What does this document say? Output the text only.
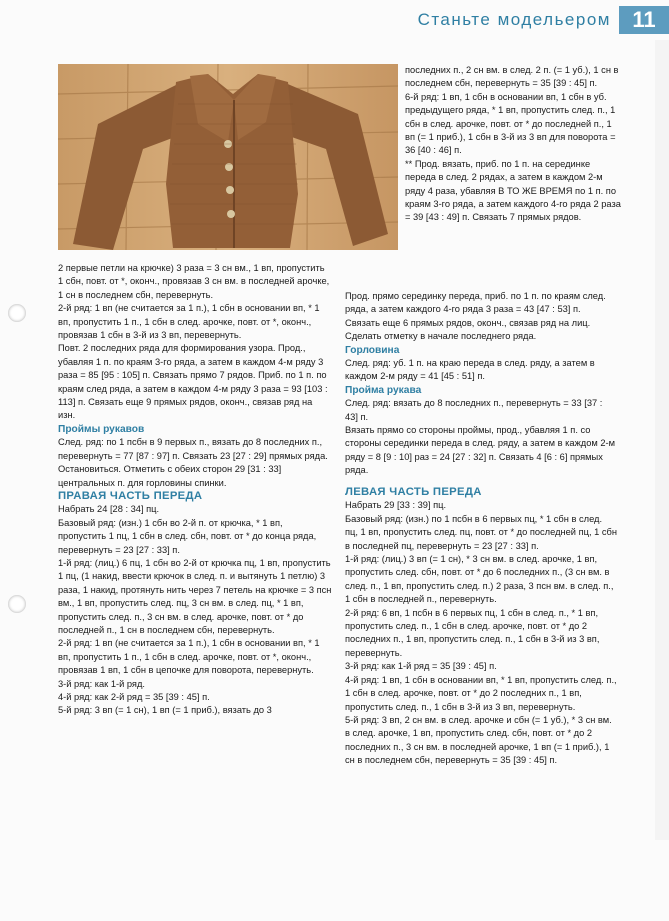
Станьте модельером 11

2 первые петли на крючке) 3 раза = 3 сн вм., 1 вп, пропустить 1 сбн, повт. от *, оконч., провязав 3 сн вм. в последней арочке, 1 сн в последнем сбн, перевернуть.

2-й ряд: 1 вп (не считается за 1 п.), 1 сбн в основании вп, * 1 вп, пропустить 1 п., 1 сбн в след. арочке, повт. от *, оконч., провязав 1 сбн в 3-й из 3 вп, перевернуть.

Повт. 2 последних ряда для формирования узора. Прод., убавляя 1 п. по краям 3-го ряда, а затем в каждом 4-м ряду 3 раза = 85 [95 : 105] п. Связать прямо 7 рядов. Приб. по 1 п. по краям след ряда, а затем в каждом 4-м ряду 3 раза = 93 [103 : 113] п. Связать еще 9 прямых рядов, оконч., связав ряд на изн.

Проймы рукавов

След. ряд: по 1 псбн в 9 первых п., вязать до 8 последних п., перевернуть = 77 [87 : 97] п. Связать 23 [27 : 29] прямых ряда. Остановиться. Отметить с обеих сторон 29 [31 : 33] центральных п. для горловины спинки.

ПРАВАЯ ЧАСТЬ ПЕРЕДА

Набрать 24 [28 : 34] пц.

Базовый ряд: (изн.) 1 сбн во 2-й п. от крючка, * 1 вп, пропустить 1 пц, 1 сбн в след. сбн, повт. от * до конца ряда, перевернуть = 23 [27 : 33] п.

1-й ряд: (лиц.) 6 пц, 1 сбн во 2-й от крючка пц, 1 вп, пропустить 1 пц, (1 накид, ввести крючок в след. п. и вытянуть 1 петлю) 3 раза, 1 накид, протянуть нить через 7 петель на крючке = 3 псн вм., 1 вп, пропустить след. пц, 3 сн вм. в след. пц, * 1 вп, пропустить след. п., 3 сн вм. в след. арочке, повт. от * до последней п., 1 сн в последнем сбн, перевернуть.

2-й ряд: 1 вп (не считается за 1 п.), 1 сбн в основании вп, * 1 вп, пропустить 1 п., 1 сбн в след. арочке, повт. от *, оконч., провязав 1 вп, 1 сбн в цепочке для поворота, перевернуть.

3-й ряд: как 1-й ряд.

4-й ряд: как 2-й ряд = 35 [39 : 45] п.

5-й ряд: 3 вп (= 1 сн), 1 вп (= 1 приб.), вязать до 3

последних п., 2 сн вм. в след. 2 п. (= 1 уб.), 1 сн в последнем сбн, перевернуть = 35 [39 : 45] п.

6-й ряд: 1 вп, 1 сбн в основании вп, 1 сбн в уб. предыдущего ряда, * 1 вп, пропустить след. п., 1 сбн в след. арочке, повт. от * до последней п., 1 вп (= 1 приб.), 1 сбн в 3-й из 3 вп для поворота = 36 [40 : 46] п.

** Прод. вязать, приб. по 1 п. на серединке переда в след. 2 рядах, а затем в каждом 2-м ряду 4 раза, убавляя В ТО ЖЕ ВРЕМЯ по 1 п. по краям 3-го ряда, а затем каждого 4-го ряда 2 раза = 39 [43 : 49] п. Связать 7 прямых рядов.

Прод. прямо серединку переда, приб. по 1 п. по краям след. ряда, а затем каждого 4-го ряда 3 раза = 43 [47 : 53] п. Связать еще 6 прямых рядов, оконч., связав ряд на лиц. Сделать отметку в начале последнего ряда.

Горловина

След. ряд: уб. 1 п. на краю переда в след. ряду, а затем в каждом 2-м ряду = 41 [45 : 51] п.

Пройма рукава

След. ряд: вязать до 8 последних п., перевернуть = 33 [37 : 43] п.

Вязать прямо со стороны проймы, прод., убавляя 1 п. со стороны серединки переда в след. ряду, а затем в каждом 2-м ряду = 8 [9 : 10] раз = 24 [27 : 32] п. Связать 4 [6 : 6] прямых ряда.

ЛЕВАЯ ЧАСТЬ ПЕРЕДА

Набрать 29 [33 : 39] пц.

Базовый ряд: (изн.) по 1 псбн в 6 первых пц, * 1 сбн в след. пц, 1 вп, пропустить след. пц, повт. от * до последней пц, 1 сбн в последней пц, перевернуть = 23 [27 : 33] п.

1-й ряд: (лиц.) 3 вп (= 1 сн), * 3 сн вм. в след. арочке, 1 вп, пропустить след. сбн, повт. от * до 6 последних п., (3 сн вм. в след. п., 1 вп, пропустить след. п.) 2 раза, 3 псн вм. в след. п., 1 сбн в последней п., перевернуть.

2-й ряд: 6 вп, 1 псбн в 6 первых пц, 1 сбн в след. п., * 1 вп, пропустить след. п., 1 сбн в след. арочке, повт. от * до 2 последних п., 1 вп, пропустить след. п., 1 сбн в 3-й из 3 вп, перевернуть.

3-й ряд: как 1-й ряд = 35 [39 : 45] п.

4-й ряд: 1 вп, 1 сбн в основании вп, * 1 вп, пропустить след. п., 1 сбн в след. арочке, повт. от * до 2 последних п., 1 вп, пропустить след. п., 1 сбн в 3-й из 3 вп, перевернуть.

5-й ряд: 3 вп, 2 сн вм. в след. арочке и сбн (= 1 уб.), * 3 сн вм. в след. арочке, 1 вп, пропустить след. сбн, повт. от * до 2 последних п., 3 сн вм. в последней арочке, 1 вп (= 1 приб.), 1 сн в последнем сбн, перевернуть = 35 [39 : 45] п.
